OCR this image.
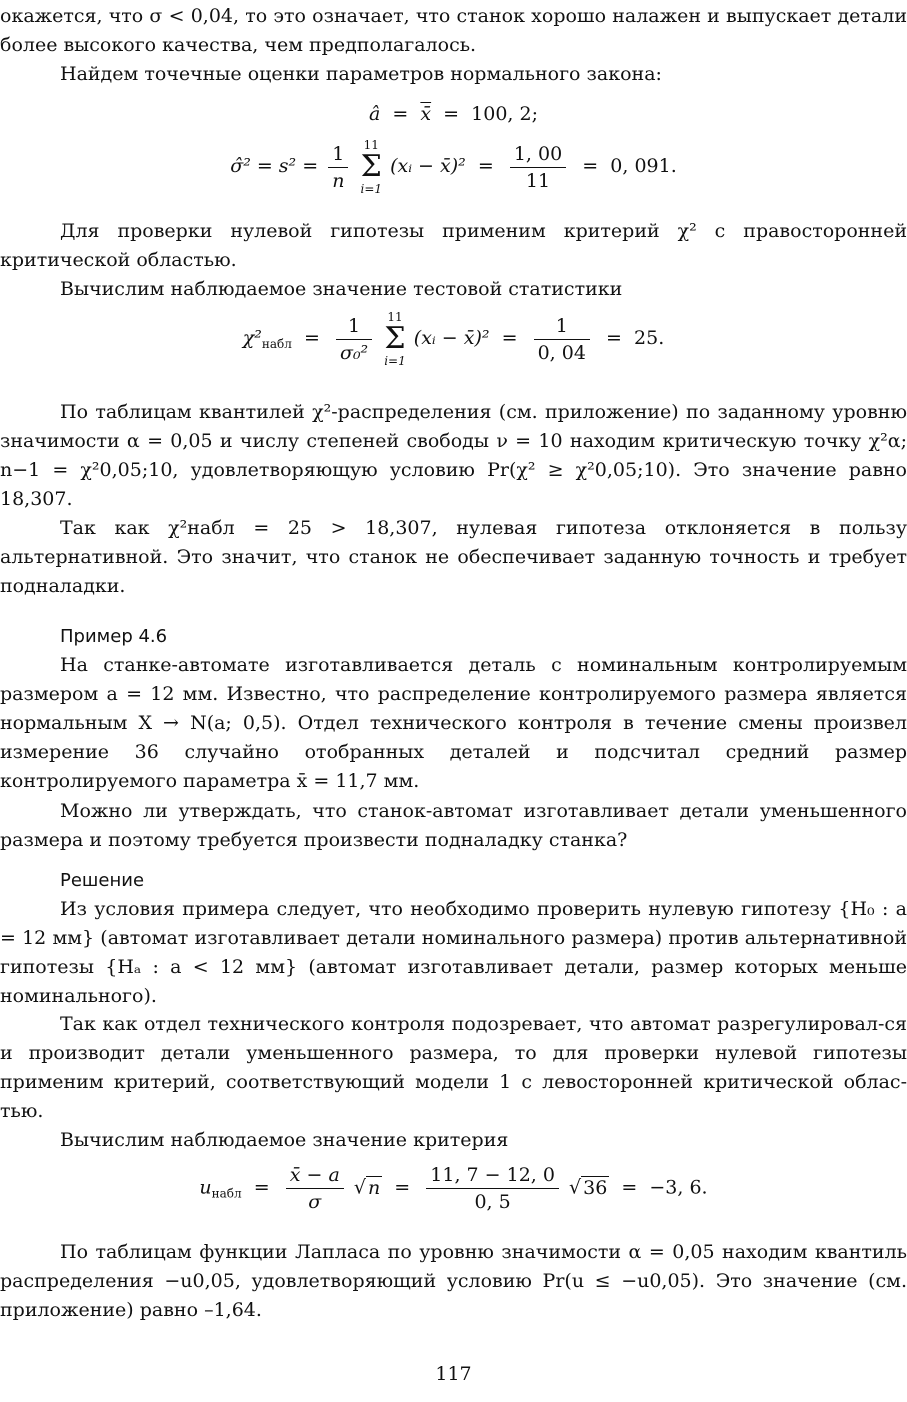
окажется, что σ < 0,04, то это означает, что станок хорошо налажен и выпускает детали более высокого качества, чем предполагалось.

Найдем точечные оценки параметров нормального закона:

â  =  x̄  =  100, 2;
σ̂² = $s^2 = \frac{1}{n}$
11
Σ
i=1
(xᵢ − x̄)²  = $\frac{1, 00}{11} = 0$, 091.

Для проверки нулевой гипотезы применим критерий χ² с правосторонней критической областью.

Вычислим наблюдаемое значение тестовой статистики

$\chi^2_{набл} = \frac{1}{\text{σ₀²}}$
11
Σ
i=1
(xᵢ − x̄)²  = $\frac{1}{0, 04} = 25$.

По таблицам квантилей χ²-распределения (см. приложение) по заданному уровню значимости α = 0,05 и числу степеней свободы ν = 10 находим критическую точку χ²α; n−1 = χ²0,05;10, удовлетворяющую условию Pr(χ² ≥ χ²0,05;10). Это значение равно 18,307.

Так как χ²набл = 25 > 18,307, нулевая гипотеза отклоняется в пользу альтернативной. Это значит, что станок не обеспечивает заданную точность и требует подналадки.

Пример 4.6

На станке-автомате изготавливается деталь с номинальным контролируемым размером a = 12 мм. Известно, что распределение контролируемого размера является нормальным X → N(a; 0,5). Отдел технического контроля в течение смены произвел измерение 36 случайно отобранных деталей и подсчитал средний размер контролируемого параметра x̄ = 11,7 мм.

Можно ли утверждать, что станок-автомат изготавливает детали уменьшенного размера и поэтому требуется произвести подналадку станка?

Решение

Из условия примера следует, что необходимо проверить нулевую гипотезу {H₀ : a = 12 мм} (автомат изготавливает детали номинального размера) против альтернативной гипотезы {Hₐ : a < 12 мм} (автомат изготавливает детали, размер которых меньше номинального).

Так как отдел технического контроля подозревает, что автомат разрегулировал-ся и производит детали уменьшенного размера, то для проверки нулевой гипотезы применим критерий, соответствующий модели 1 с левосторонней критической облас-тью.

Вычислим наблюдаемое значение критерия

$u_{набл} = \frac{x̄ - a}{\sigma}$ √ $n = \frac{11, 7 - 12, 0}{0, 5}$ √ 36  =  −3, 6.

По таблицам функции Лапласа по уровню значимости α = 0,05 находим квантиль распределения −u0,05, удовлетворяющий условию Pr(u ≤ −u0,05). Это значение (см. приложение) равно –1,64.

117
